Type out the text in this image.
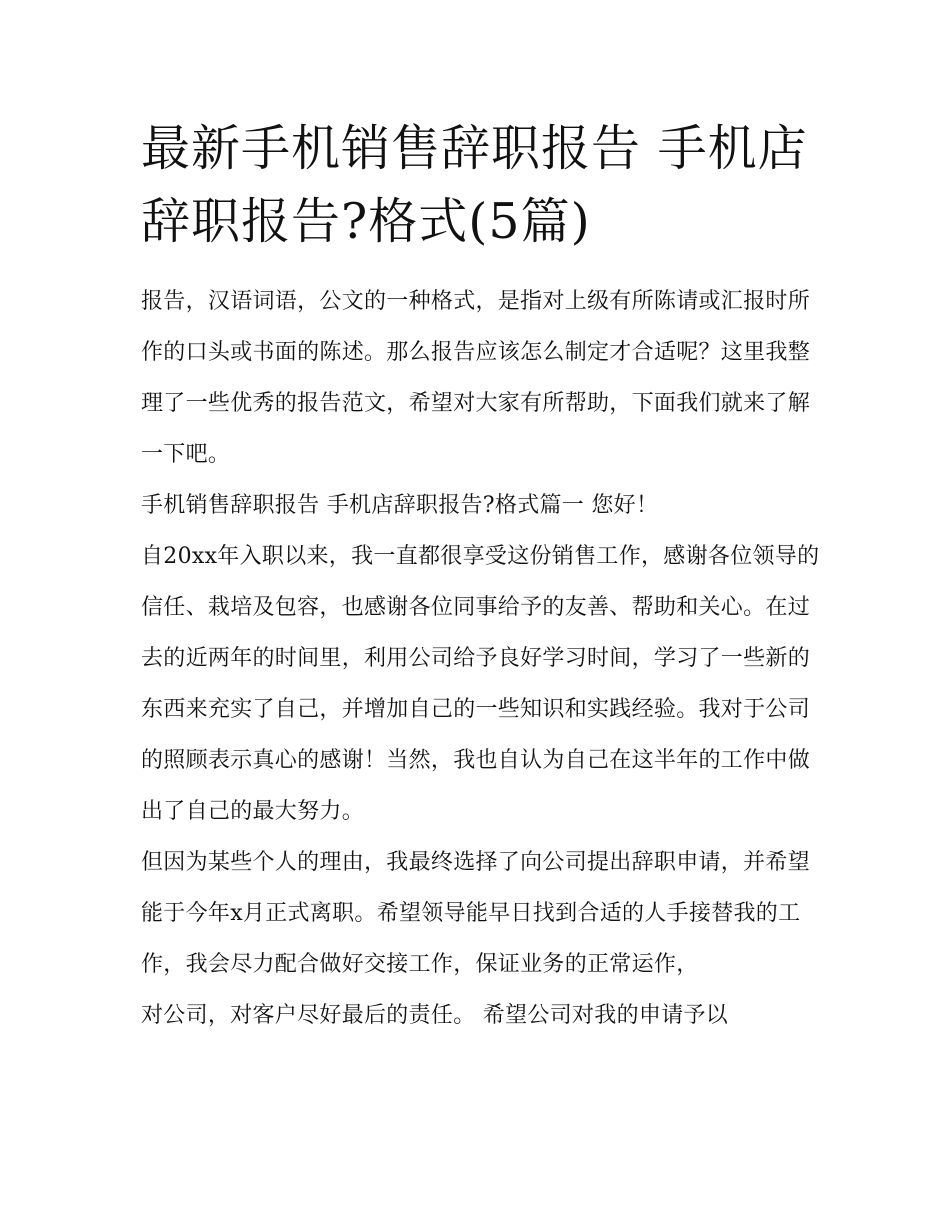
最新手机销售辞职报告 手机店辞职报告?格式(5篇)

报告，汉语词语，公文的一种格式，是指对上级有所陈请或汇报时所作的口头或书面的陈述。那么报告应该怎么制定才合适呢？这里我整理了一些优秀的报告范文，希望对大家有所帮助，下面我们就来了解一下吧。

手机销售辞职报告 手机店辞职报告?格式篇一 您好！

自20xx年入职以来，我一直都很享受这份销售工作，感谢各位领导的信任、栽培及包容，也感谢各位同事给予的友善、帮助和关心。在过去的近两年的时间里，利用公司给予良好学习时间，学习了一些新的东西来充实了自己，并增加自己的一些知识和实践经验。我对于公司的照顾表示真心的感谢！当然，我也自认为自己在这半年的工作中做出了自己的最大努力。

但因为某些个人的理由，我最终选择了向公司提出辞职申请，并希望能于今年x月正式离职。希望领导能早日找到合适的人手接替我的工作，我会尽力配合做好交接工作，保证业务的正常运作，

对公司，对客户尽好最后的责任。 希望公司对我的申请予以
